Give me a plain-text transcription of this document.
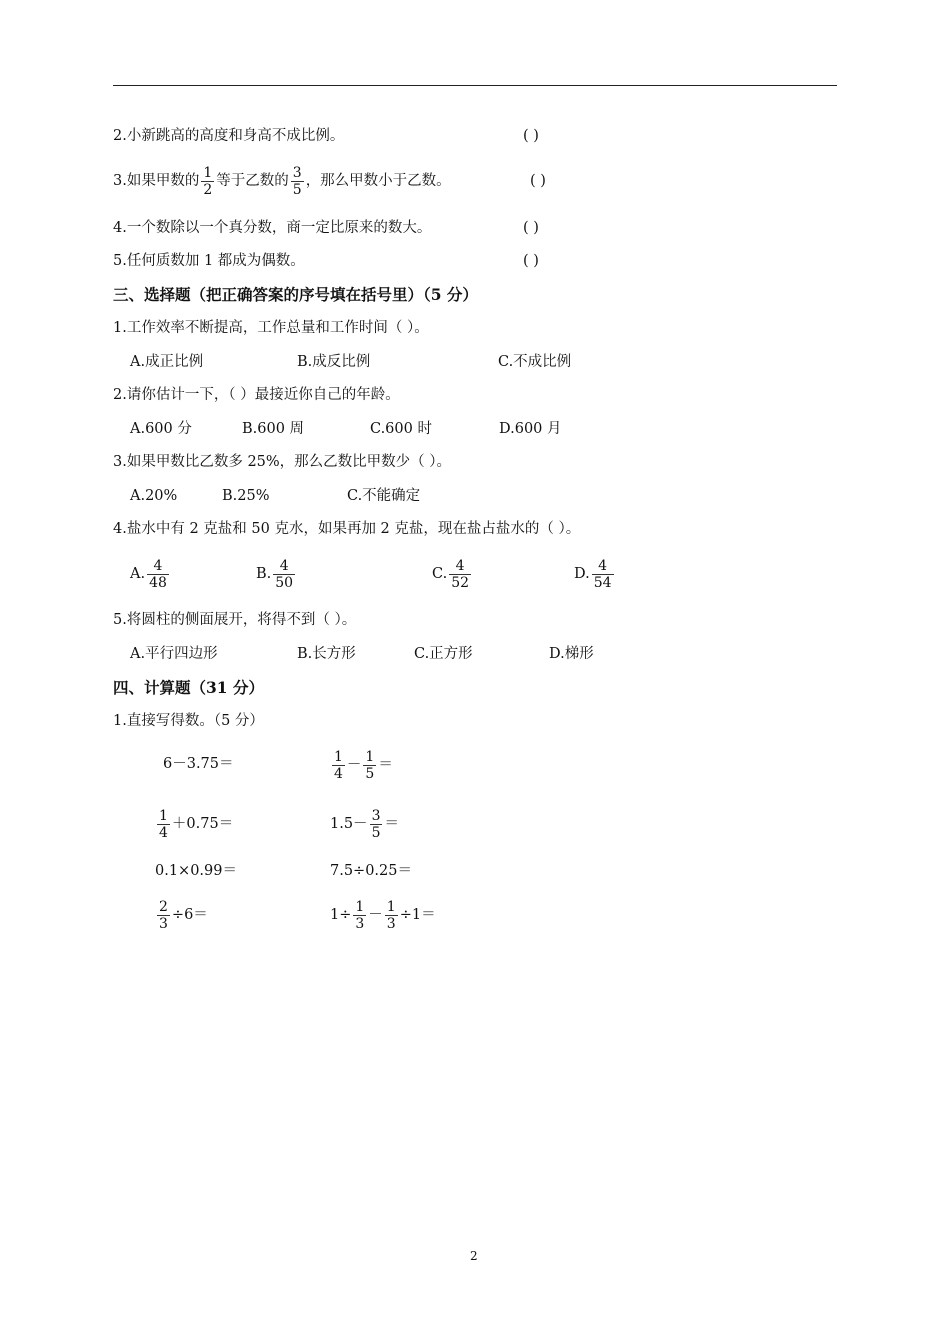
2.小新跳高的高度和身高不成比例。	( )
3.如果甲数的 $\frac{1}{2}$ 等于乙数的 $\frac{3}{5}$ ，那么甲数小于乙数。	( )
4.一个数除以一个真分数，商一定比原来的数大。	( )
5.任何质数加 1 都成为偶数。	( )
三、选择题（把正确答案的序号填在括号里）（5 分）
1.工作效率不断提高，工作总量和工作时间（ ）。
A.成正比例	B.成反比例	C.不成比例
2.请你估计一下，（ ）最接近你自己的年龄。
A.600 分	B.600 周	C.600 时	D.600 月
3.如果甲数比乙数多 25%，那么乙数比甲数少（ ）。
A.20%	B.25%	C.不能确定
4.盐水中有 2 克盐和 50 克水，如果再加 2 克盐，现在盐占盐水的（ ）。
A. $\frac{4}{48}$	B. $\frac{4}{50}$	C. $\frac{4}{52}$	D. $\frac{4}{54}$
5.将圆柱的侧面展开，将得不到（ ）。
A.平行四边形	B.长方形	C.正方形	D.梯形
四、计算题（31 分）
1.直接写得数。（5 分）
6－3.75＝	$\frac{1}{4} - \frac{1}{5}$ ＝
$\frac{1}{4} +0.75=$	$1.5- \frac{3}{5}$ ＝
0.1×0.99＝	7.5÷0.25＝
$\frac{2}{3} \div 6=$	$1\div \frac{1}{3} - \frac{1}{3} \div 1=$
2
